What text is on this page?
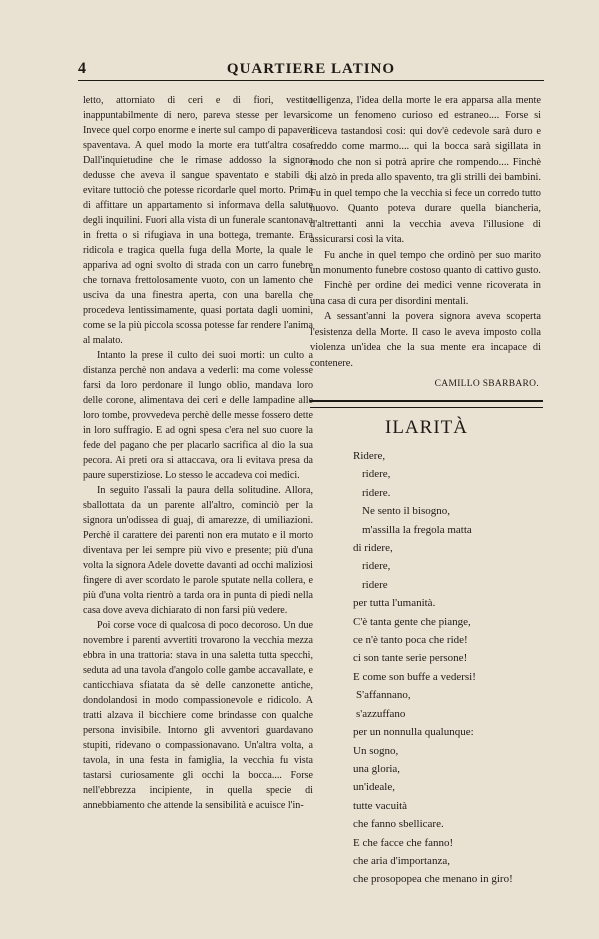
4	QUARTIERE LATINO

letto, attorniato di ceri e di fiori, vestito inappuntabilmente di nero, pareva stesse per levarsi. Invece quel corpo enorme e inerte sul campo di papaveri spaventava. A quel modo la morte era tutt'altra cosa. Dall'inquietudine che le rimase addosso la signora dedusse che aveva il sangue spaventato e stabilì di evitare tuttociò che potesse ricordarle quel morto. Prima di affittare un appartamento si informava della salute degli inquilini. Fuori alla vista di un funerale scantonava in fretta o si rifugiava in una bottega, tremante. Era ridicola e tragica quella fuga della Morte, la quale le appariva ad ogni svolto di strada con un carro funebre che tornava frettolosamente vuoto, con un lamento che usciva da una finestra aperta, con una barella che procedeva lentissimamente, quasi portata dagli uomini, come se la più piccola scossa potesse far rendere l'anima al malato.

Intanto la prese il culto dei suoi morti: un culto a distanza perchè non andava a vederli: ma come volesse farsi da loro perdonare il lungo oblio, mandava loro delle corone, alimentava dei ceri e delle lampadine alle loro tombe, provvedeva perchè delle messe fossero dette in loro suffragio. E ad ogni spesa c'era nel suo cuore la fede del pagano che per placarlo sacrifica al dio la sua pecora. Ai preti ora si attaccava, ora li evitava presa da paure superstiziose. Lo stesso le accadeva coi medici.

In seguito l'assalì la paura della solitudine. Allora, sballottata da un parente all'altro, cominciò per la signora un'odissea di guaj, di amarezze, di umiliazioni. Perchè il carattere dei parenti non era mutato e il morto diventava per lei sempre più vivo e presente; più d'una volta la signora Adele dovette davanti ad occhi maliziosi fingere di aver scordato le parole sputate nella collera, e più d'una volta rientrò a tarda ora in punta di piedi nella casa dove aveva dichiarato di non farsi più vedere.

Poi corse voce di qualcosa di poco decoroso. Un due novembre i parenti avvertiti trovarono la vecchia mezza ebbra in una trattoria: stava in una saletta tutta specchi, seduta ad una tavola d'angolo colle gambe accavallate, e canticchiava sfiatata da sè delle canzonette antiche, dondolandosi in modo compassionevole e ridicolo. A tratti alzava il bicchiere come brindasse con qualche persona invisibile. Intorno gli avventori guardavano stupiti, ridevano o compassionavano. Un'altra volta, a tavola, in una festa in famiglia, la vecchia fu vista tastarsi curiosamente gli occhi la bocca.... Forse nell'ebbrezza incipiente, in quella specie di annebbiamento che attende la sensibilità e acuisce l'in-

telligenza, l'idea della morte le era apparsa alla mente come un fenomeno curioso ed estraneo.... Forse si diceva tastandosi cosi: qui dov'è cedevole sarà duro e freddo come marmo.... qui la bocca sarà sigillata in modo che non si potrà aprire che rompendo.... Finchè si alzò in preda allo spavento, tra gli strilli dei bambini. Fu in quel tempo che la vecchia si fece un corredo tutto nuovo. Quanto poteva durare quella biancheria, d'altrettanti anni la vecchia aveva l'illusione di assicurarsi così la vita.

Fu anche in quel tempo che ordinò per suo marito un monumento funebre costoso quanto di cattivo gusto.

Finchè per ordine dei medici venne ricoverata in una casa di cura per disordini mentali.

A sessant'anni la povera signora aveva scoperta l'esistenza della Morte. Il caso le aveva imposto colla violenza un'idea che la sua mente era incapace di contenere.

CAMILLO SBARBARO.

ILARITÀ
Ridere,
ridere,
ridere.
Ne sento il bisogno,
m'assilla la fregola matta
di ridere,
ridere,
ridere
per tutta l'umanità.
C'è tanta gente che piange,
ce n'è tanto poca che ride!
ci son tante serie persone!
E come son buffe a vedersi!
S'affannano,
s'azzuffano
per un nonnulla qualunque:
Un sogno,
una gloria,
un'ideale,
tutte vacuità
che fanno sbellicare.
E che facce che fanno!
che aria d'importanza,
che prosopopea che menano in giro!
